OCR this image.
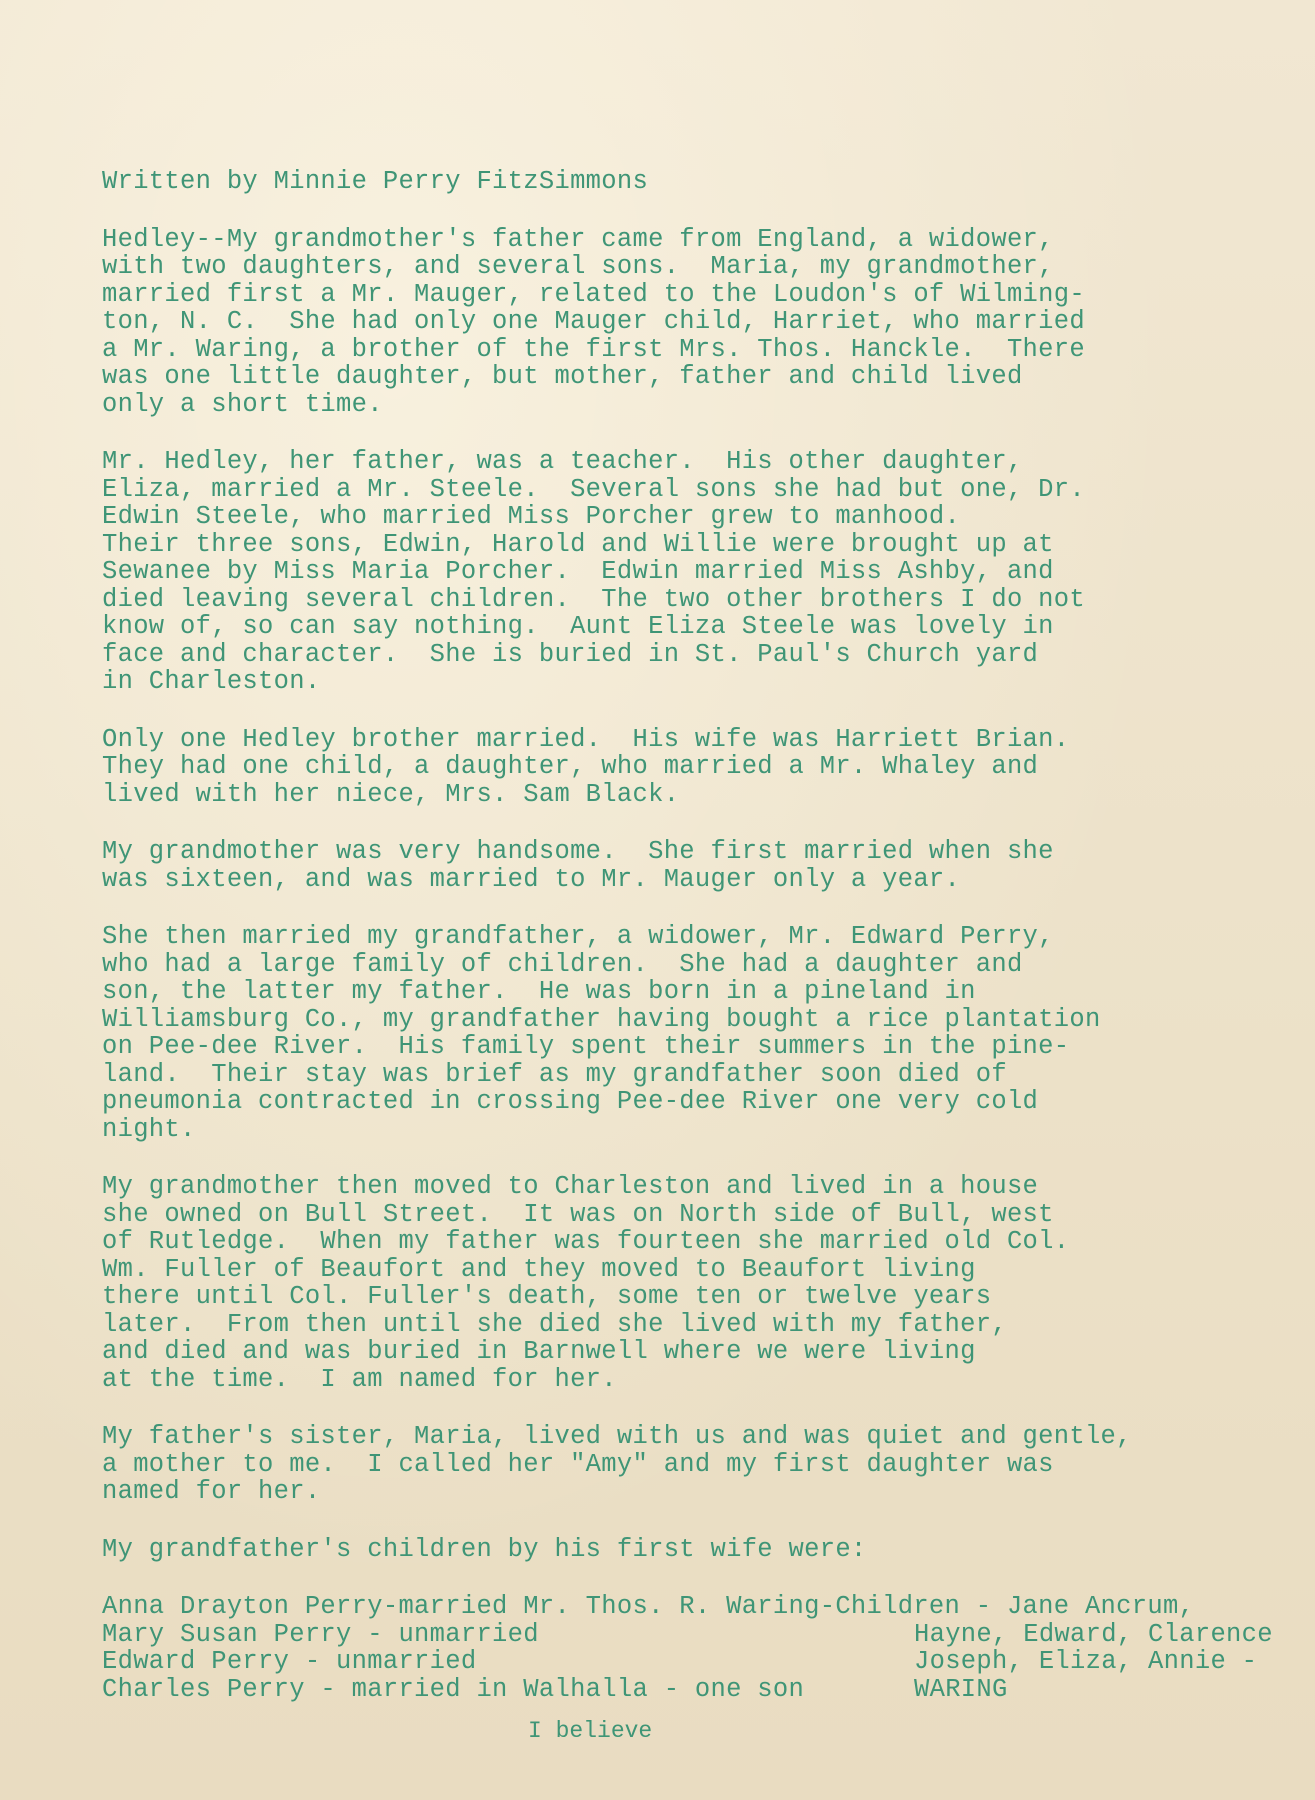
Written by Minnie Perry FitzSimmons
Hedley--My grandmother's father came from England, a widower,
with two daughters, and several sons.  Maria, my grandmother,
married first a Mr. Mauger, related to the Loudon's of Wilming-
ton, N. C.  She had only one Mauger child, Harriet, who married
a Mr. Waring, a brother of the first Mrs. Thos. Hanckle.  There
was one little daughter, but mother, father and child lived
only a short time.
Mr. Hedley, her father, was a teacher.  His other daughter,
Eliza, married a Mr. Steele.  Several sons she had but one, Dr.
Edwin Steele, who married Miss Porcher grew to manhood.
Their three sons, Edwin, Harold and Willie were brought up at
Sewanee by Miss Maria Porcher.  Edwin married Miss Ashby, and
died leaving several children.  The two other brothers I do not
know of, so can say nothing.  Aunt Eliza Steele was lovely in
face and character.  She is buried in St. Paul's Church yard
in Charleston.
Only one Hedley brother married.  His wife was Harriett Brian.
They had one child, a daughter, who married a Mr. Whaley and
lived with her niece, Mrs. Sam Black.
My grandmother was very handsome.  She first married when she
was sixteen, and was married to Mr. Mauger only a year.
She then married my grandfather, a widower, Mr. Edward Perry,
who had a large family of children.  She had a daughter and
son, the latter my father.  He was born in a pineland in
Williamsburg Co., my grandfather having bought a rice plantation
on Pee-dee River.  His family spent their summers in the pine-
land.  Their stay was brief as my grandfather soon died of
pneumonia contracted in crossing Pee-dee River one very cold
night.
My grandmother then moved to Charleston and lived in a house
she owned on Bull Street.  It was on North side of Bull, west
of Rutledge.  When my father was fourteen she married old Col.
Wm. Fuller of Beaufort and they moved to Beaufort living
there until Col. Fuller's death, some ten or twelve years
later.  From then until she died she lived with my father,
and died and was buried in Barnwell where we were living
at the time.  I am named for her.
My father's sister, Maria, lived with us and was quiet and gentle,
a mother to me.  I called her "Amy" and my first daughter was
named for her.
My grandfather's children by his first wife were:
Anna Drayton Perry-married Mr. Thos. R. Waring-Children - Jane Ancrum,
Mary Susan Perry - unmarried	Hayne, Edward, Clarence
Edward Perry - unmarried	Joseph, Eliza, Annie -
Charles Perry - married in Walhalla - one son	WARING
I believe
